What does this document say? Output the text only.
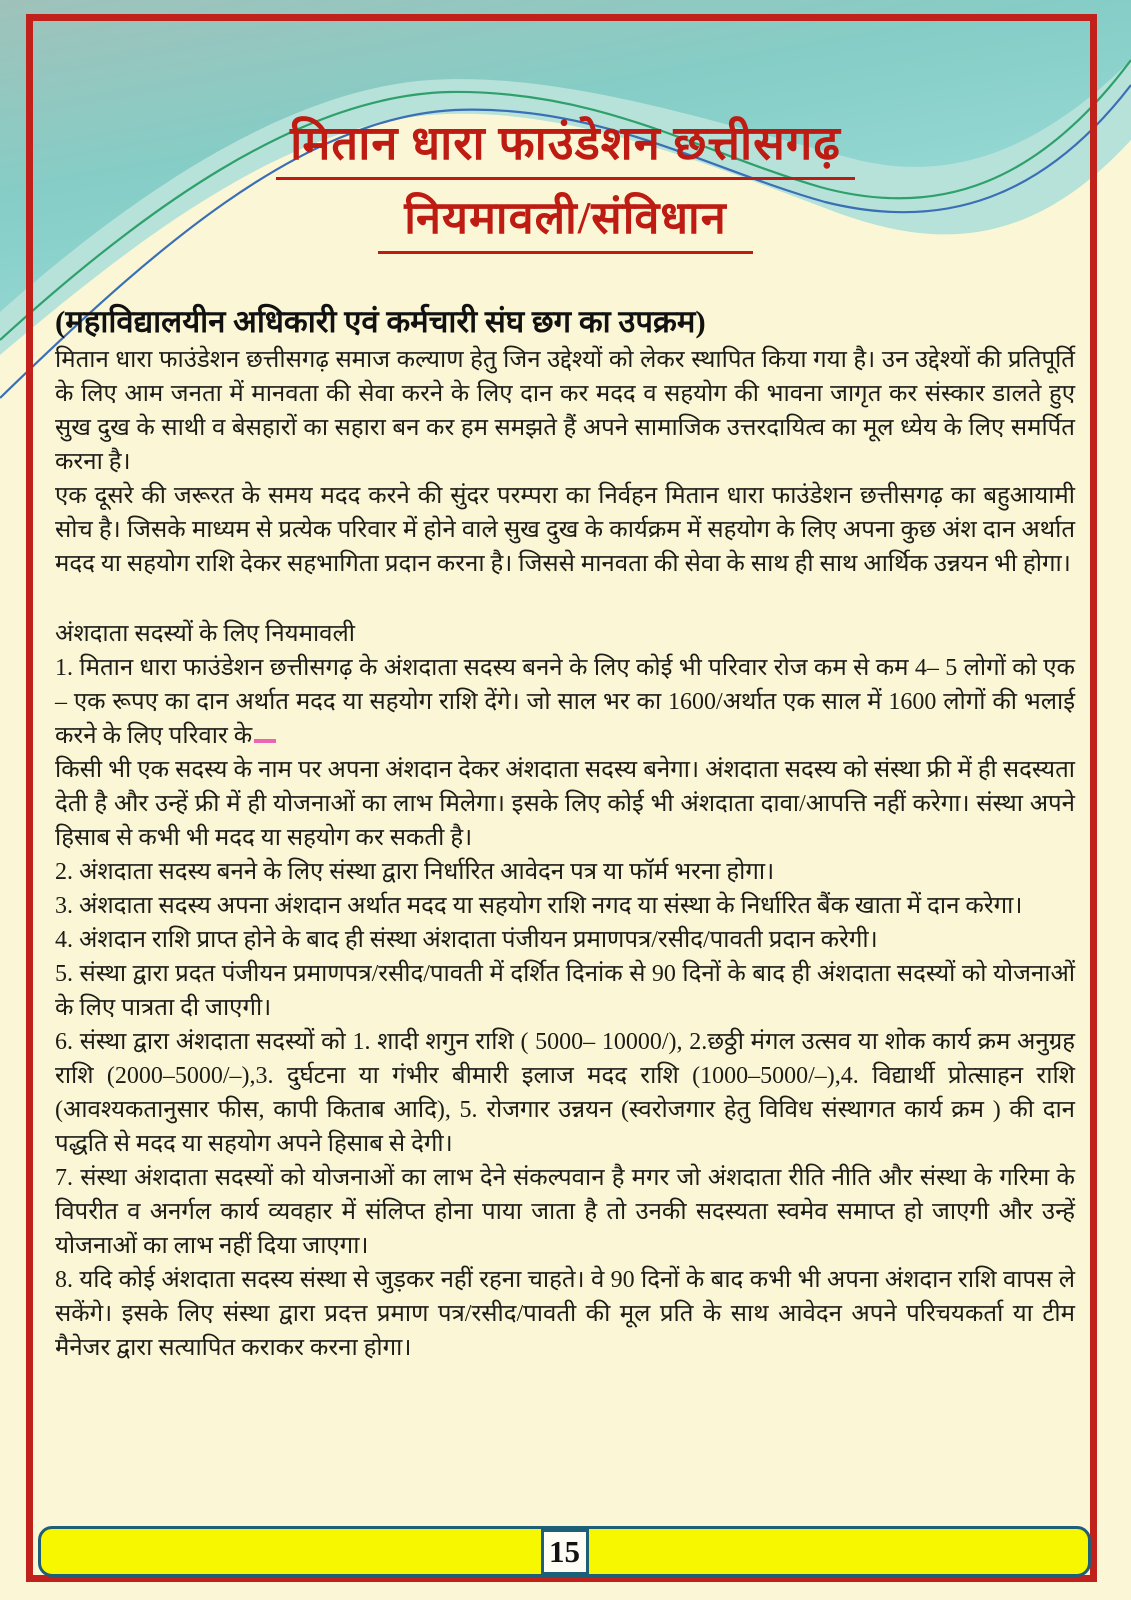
मितान धारा फाउंडेशन छत्तीसगढ़
नियमावली/संविधान

(महाविद्यालयीन अधिकारी एवं कर्मचारी संघ छग का उपक्रम)

मितान धारा फाउंडेशन छत्तीसगढ़ समाज कल्याण हेतु जिन उद्देश्यों को लेकर स्थापित किया गया है। उन उद्देश्यों की प्रतिपूर्ति के लिए आम जनता में मानवता की सेवा करने के लिए दान कर मदद व सहयोग की भावना जागृत कर संस्कार डालते हुए सुख दुख के साथी व बेसहारों का सहारा बन कर हम समझते हैं अपने सामाजिक उत्तरदायित्व का मूल ध्येय के लिए समर्पित करना है।

एक दूसरे की जरूरत के समय मदद करने की सुंदर परम्परा का निर्वहन मितान धारा फाउंडेशन छत्तीसगढ़ का बहुआयामी सोच है। जिसके माध्यम से प्रत्येक परिवार में होने वाले सुख दुख के कार्यक्रम में सहयोग के लिए अपना कुछ अंश दान अर्थात मदद या सहयोग राशि देकर सहभागिता प्रदान करना है। जिससे मानवता की सेवा के साथ ही साथ आर्थिक उन्नयन भी होगा।

अंशदाता सदस्यों के लिए नियमावली

1. मितान धारा फाउंडेशन छत्तीसगढ़ के अंशदाता सदस्य बनने के लिए कोई भी परिवार रोज कम से कम 4– 5 लोगों को एक – एक रूपए का दान अर्थात मदद या सहयोग राशि देंगे। जो साल भर का 1600/अर्थात एक साल में 1600 लोगों की भलाई करने के लिए परिवार के

किसी भी एक सदस्य के नाम पर अपना अंशदान देकर अंशदाता सदस्य बनेगा। अंशदाता सदस्य को संस्था फ्री में ही सदस्यता देती है और उन्हें फ्री में ही योजनाओं का लाभ मिलेगा। इसके लिए कोई भी अंशदाता दावा/आपत्ति नहीं करेगा। संस्था अपने हिसाब से कभी भी मदद या सहयोग कर सकती है।

2. अंशदाता सदस्य बनने के लिए संस्था द्वारा निर्धारित आवेदन पत्र या फॉर्म भरना होगा।

3. अंशदाता सदस्य अपना अंशदान अर्थात मदद या सहयोग राशि नगद या संस्था के निर्धारित बैंक खाता में दान करेगा।

4. अंशदान राशि प्राप्त होने के बाद ही संस्था अंशदाता पंजीयन प्रमाणपत्र/रसीद/पावती प्रदान करेगी।

5. संस्था द्वारा प्रदत पंजीयन प्रमाणपत्र/रसीद/पावती में दर्शित दिनांक से 90 दिनों के बाद ही अंशदाता सदस्यों को योजनाओं के लिए पात्रता दी जाएगी।

6. संस्था द्वारा अंशदाता सदस्यों को 1. शादी शगुन राशि ( 5000– 10000/), 2.छठ्ठी मंगल उत्सव या शोक कार्य क्रम अनुग्रह राशि (2000–5000/–),3. दुर्घटना या गंभीर बीमारी इलाज मदद राशि (1000–5000/–),4. विद्यार्थी प्रोत्साहन राशि (आवश्यकतानुसार फीस, कापी किताब आदि), 5. रोजगार उन्नयन (स्वरोजगार हेतु विविध संस्थागत कार्य क्रम ) की दान पद्धति से मदद या सहयोग अपने हिसाब से देगी।

7. संस्था अंशदाता सदस्यों को योजनाओं का लाभ देने संकल्पवान है मगर जो अंशदाता रीति नीति और संस्था के गरिमा के विपरीत व अनर्गल कार्य व्यवहार में संलिप्त होना पाया जाता है तो उनकी सदस्यता स्वमेव समाप्त हो जाएगी और उन्हें योजनाओं का लाभ नहीं दिया जाएगा।

8. यदि कोई अंशदाता सदस्य संस्था से जुड़कर नहीं रहना चाहते। वे 90 दिनों के बाद कभी भी अपना अंशदान राशि वापस ले सकेंगे। इसके लिए संस्था द्वारा प्रदत्त प्रमाण पत्र/रसीद/पावती की मूल प्रति के साथ आवेदन अपने परिचयकर्ता या टीम मैनेजर द्वारा सत्यापित कराकर करना होगा।

15
